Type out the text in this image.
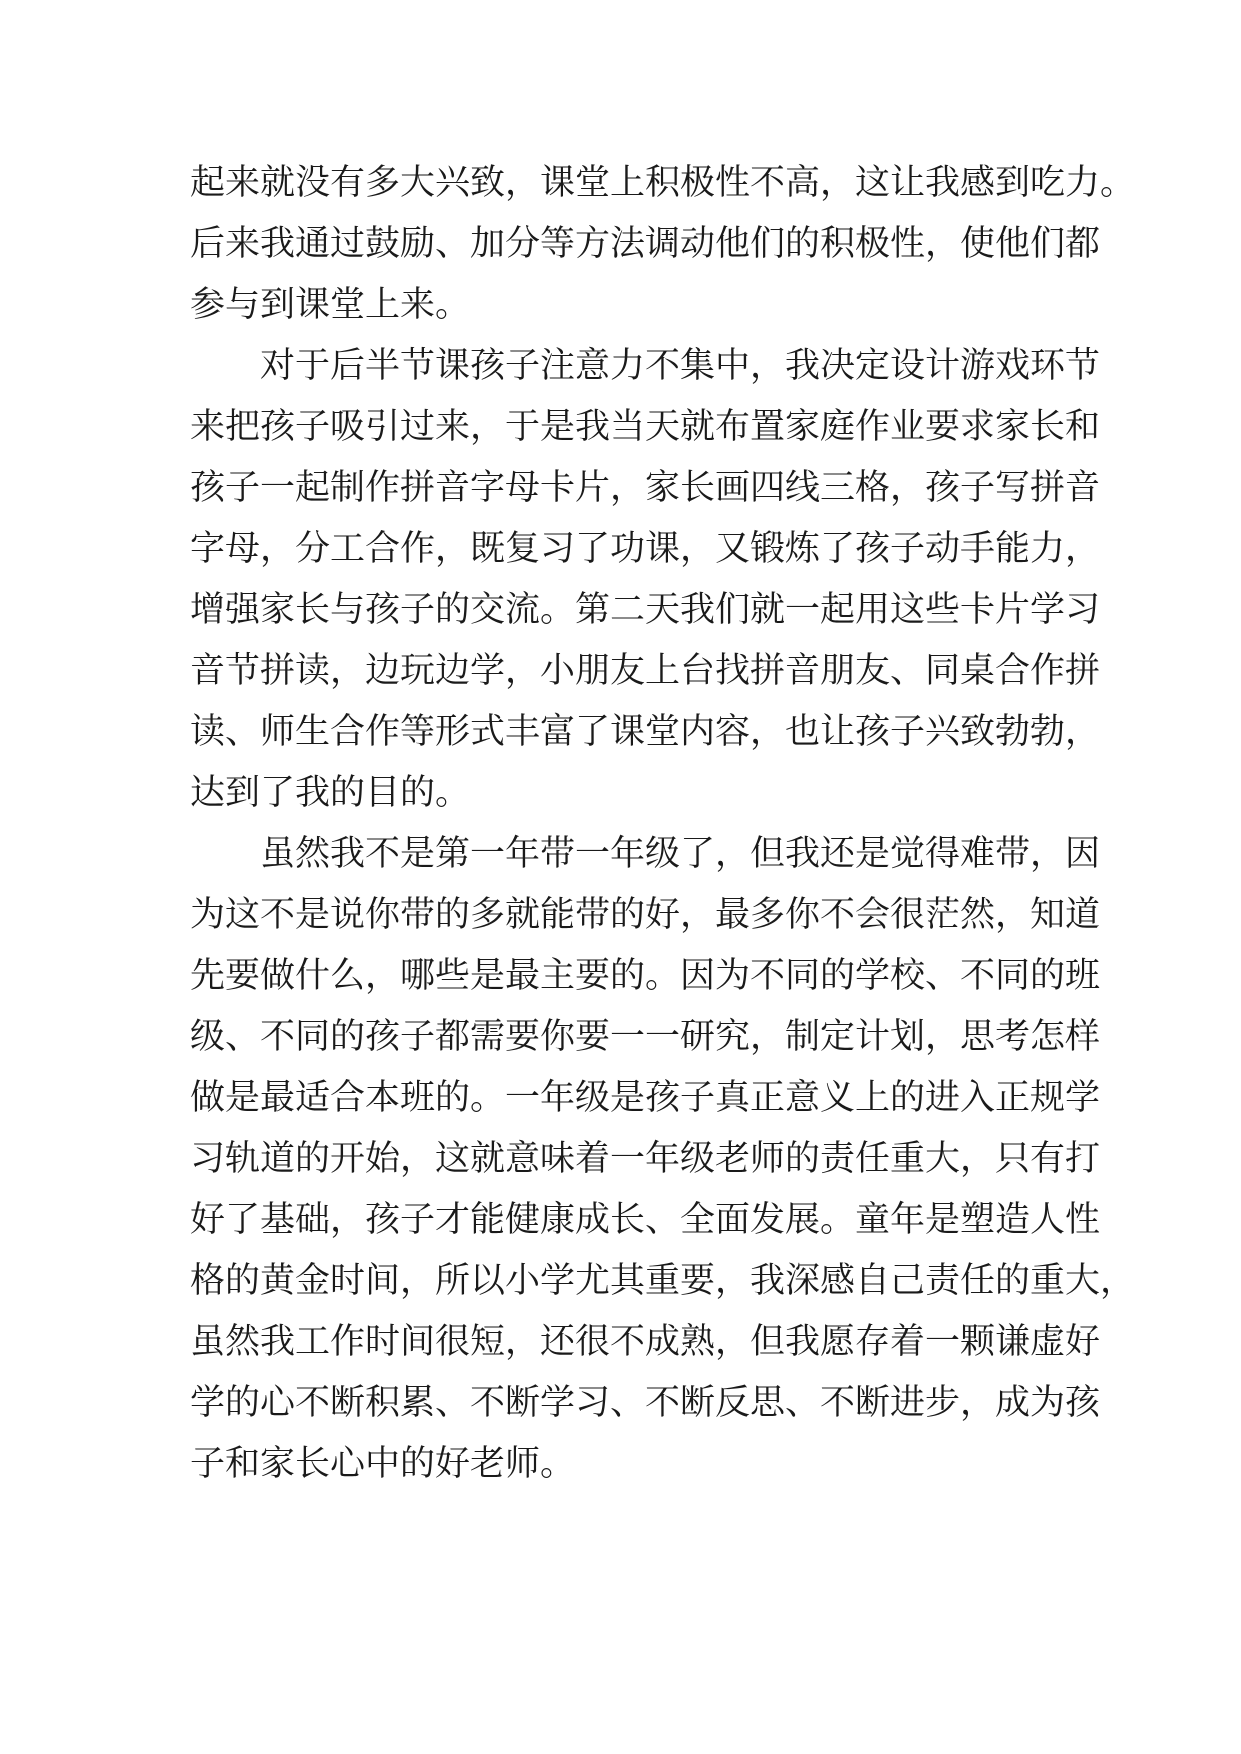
起来就没有多大兴致，课堂上积极性不高，这让我感到吃力。
后来我通过鼓励、加分等方法调动他们的积极性，使他们都
参与到课堂上来。
对于后半节课孩子注意力不集中，我决定设计游戏环节
来把孩子吸引过来，于是我当天就布置家庭作业要求家长和
孩子一起制作拼音字母卡片，家长画四线三格，孩子写拼音
字母，分工合作，既复习了功课，又锻炼了孩子动手能力，
增强家长与孩子的交流。第二天我们就一起用这些卡片学习
音节拼读，边玩边学，小朋友上台找拼音朋友、同桌合作拼
读、师生合作等形式丰富了课堂内容，也让孩子兴致勃勃，
达到了我的目的。
虽然我不是第一年带一年级了，但我还是觉得难带，因
为这不是说你带的多就能带的好，最多你不会很茫然，知道
先要做什么，哪些是最主要的。因为不同的学校、不同的班
级、不同的孩子都需要你要一一研究，制定计划，思考怎样
做是最适合本班的。一年级是孩子真正意义上的进入正规学
习轨道的开始，这就意味着一年级老师的责任重大，只有打
好了基础，孩子才能健康成长、全面发展。童年是塑造人性
格的黄金时间，所以小学尤其重要，我深感自己责任的重大，
虽然我工作时间很短，还很不成熟，但我愿存着一颗谦虚好
学的心不断积累、不断学习、不断反思、不断进步，成为孩
子和家长心中的好老师。
